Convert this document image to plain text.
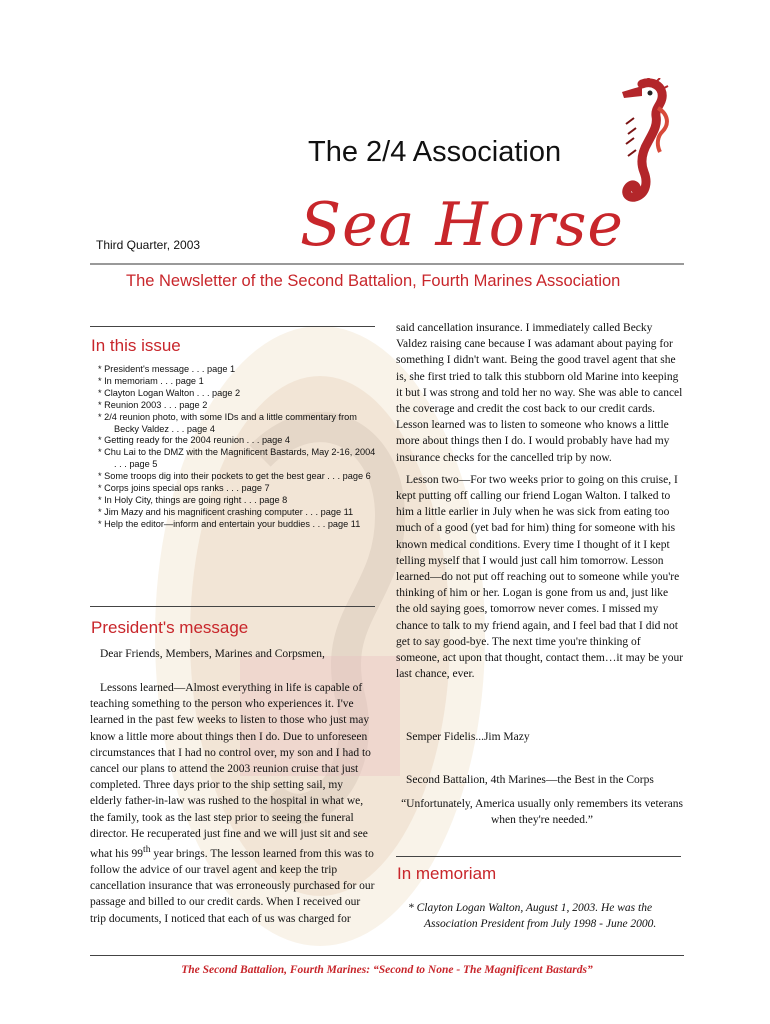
The 2/4 Association
Sea Horse
Third Quarter, 2003
The Newsletter of the Second Battalion, Fourth Marines Association
In this issue
* President's message . . . page 1
* In memoriam . . . page 1
* Clayton Logan Walton . . . page 2
* Reunion 2003 . . . page 2
* 2/4 reunion photo, with some IDs and a little commentary from Becky Valdez . . . page 4
* Getting ready for the 2004 reunion . . . page 4
* Chu Lai to the DMZ with the Magnificent Bastards, May 2-16, 2004 . . . page 5
* Some troops dig into their pockets to get the best gear . . . page 6
* Corps joins special ops ranks . . . page 7
* In Holy City, things are going right . . . page 8
* Jim Mazy and his magnificent crashing computer . . . page 11
* Help the editor—inform and entertain your buddies . . . page 11
President's message
Dear Friends, Members, Marines and Corpsmen,

Lessons learned—Almost everything in life is capable of teaching something to the person who experiences it. I've learned in the past few weeks to listen to those who just may know a little more about things then I do. Due to unforeseen circumstances that I had no control over, my son and I had to cancel our plans to attend the 2003 reunion cruise that just completed. Three days prior to the ship setting sail, my elderly father-in-law was rushed to the hospital in what we, the family, took as the last step prior to seeing the funeral director. He recuperated just fine and we will just sit and see what his 99th year brings. The lesson learned from this was to follow the advice of our travel agent and keep the trip cancellation insurance that was erroneously purchased for our passage and billed to our credit cards. When I received our trip documents, I noticed that each of us was charged for

said cancellation insurance. I immediately called Becky Valdez raising cane because I was adamant about paying for something I didn't want. Being the good travel agent that she is, she first tried to talk this stubborn old Marine into keeping it but I was strong and told her no way. She was able to cancel the coverage and credit the cost back to our credit cards. Lesson learned was to listen to someone who knows a little more about things then I do. I would probably have had my insurance checks for the cancelled trip by now.

Lesson two—For two weeks prior to going on this cruise, I kept putting off calling our friend Logan Walton. I talked to him a little earlier in July when he was sick from eating too much of a good (yet bad for him) thing for someone with his known medical conditions. Every time I thought of it I kept telling myself that I would just call him tomorrow. Lesson learned—do not put off reaching out to someone while you're thinking of him or her. Logan is gone from us and, just like the old saying goes, tomorrow never comes. I missed my chance to talk to my friend again, and I feel bad that I did not get to say good-bye. The next time you're thinking of someone, act upon that thought, contact them…it may be your last chance, ever.

Semper Fidelis...Jim Mazy
Second Battalion, 4th Marines—the Best in the Corps
“Unfortunately, America usually only remembers its veterans when they're needed.”
In memoriam
* Clayton Logan Walton, August 1, 2003. He was the
Association President from July 1998 - June 2000.
The Second Battalion, Fourth Marines: “Second to None - The Magnificent Bastards”
